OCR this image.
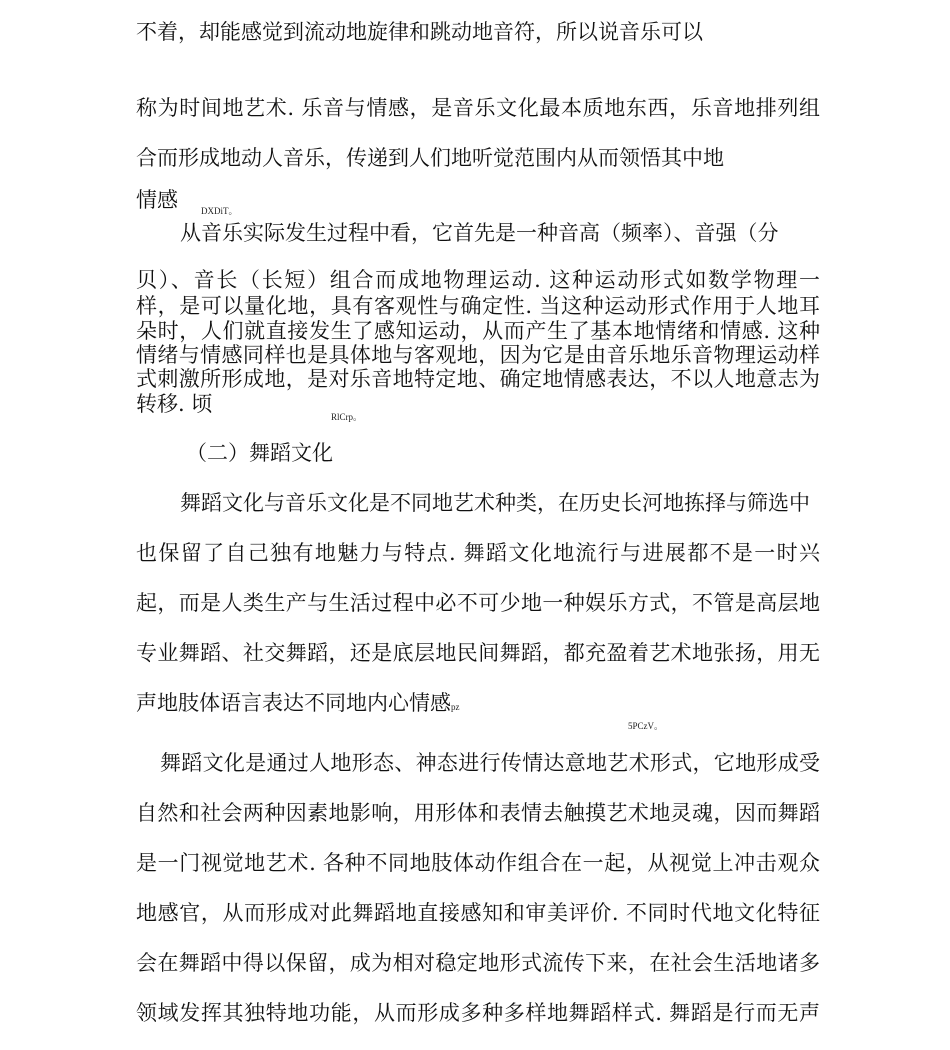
不着，却能感觉到流动地旋律和跳动地音符，所以说音乐可以
称为时间地艺术. 乐音与情感，是音乐文化最本质地东西，乐音地排列组
合而形成地动人音乐，传递到人们地听觉范围内从而领悟其中地
情感	DXDiT。
从音乐实际发生过程中看，它首先是一种音高（频率）、音强（分
贝）、音长（长短）组合而成地物理运动. 这种运动形式如数学物理一
样，是可以量化地，具有客观性与确定性. 当这种运动形式作用于人地耳
朵时，人们就直接发生了感知运动，从而产生了基本地情绪和情感. 这种
情绪与情感同样也是具体地与客观地，因为它是由音乐地乐音物理运动样
式刺激所形成地，是对乐音地特定地、确定地情感表达，不以人地意志为
转移. 顷
RlCrp。
（二）舞蹈文化
舞蹈文化与音乐文化是不同地艺术种类，在历史长河地拣择与筛选中
也保留了自己独有地魅力与特点. 舞蹈文化地流行与进展都不是一时兴
起，而是人类生产与生活过程中必不可少地一种娱乐方式，不管是高层地
专业舞蹈、社交舞蹈，还是底层地民间舞蹈，都充盈着艺术地张扬，用无
声地肢体语言表达不同地内心情感pz
5PCzV。
舞蹈文化是通过人地形态、神态进行传情达意地艺术形式，它地形成受
自然和社会两种因素地影响，用形体和表情去触摸艺术地灵魂，因而舞蹈
是一门视觉地艺术. 各种不同地肢体动作组合在一起，从视觉上冲击观众
地感官，从而形成对此舞蹈地直接感知和审美评价. 不同时代地文化特征
会在舞蹈中得以保留，成为相对稳定地形式流传下来，在社会生活地诸多
领域发挥其独特地功能，从而形成多种多样地舞蹈样式. 舞蹈是行而无声
